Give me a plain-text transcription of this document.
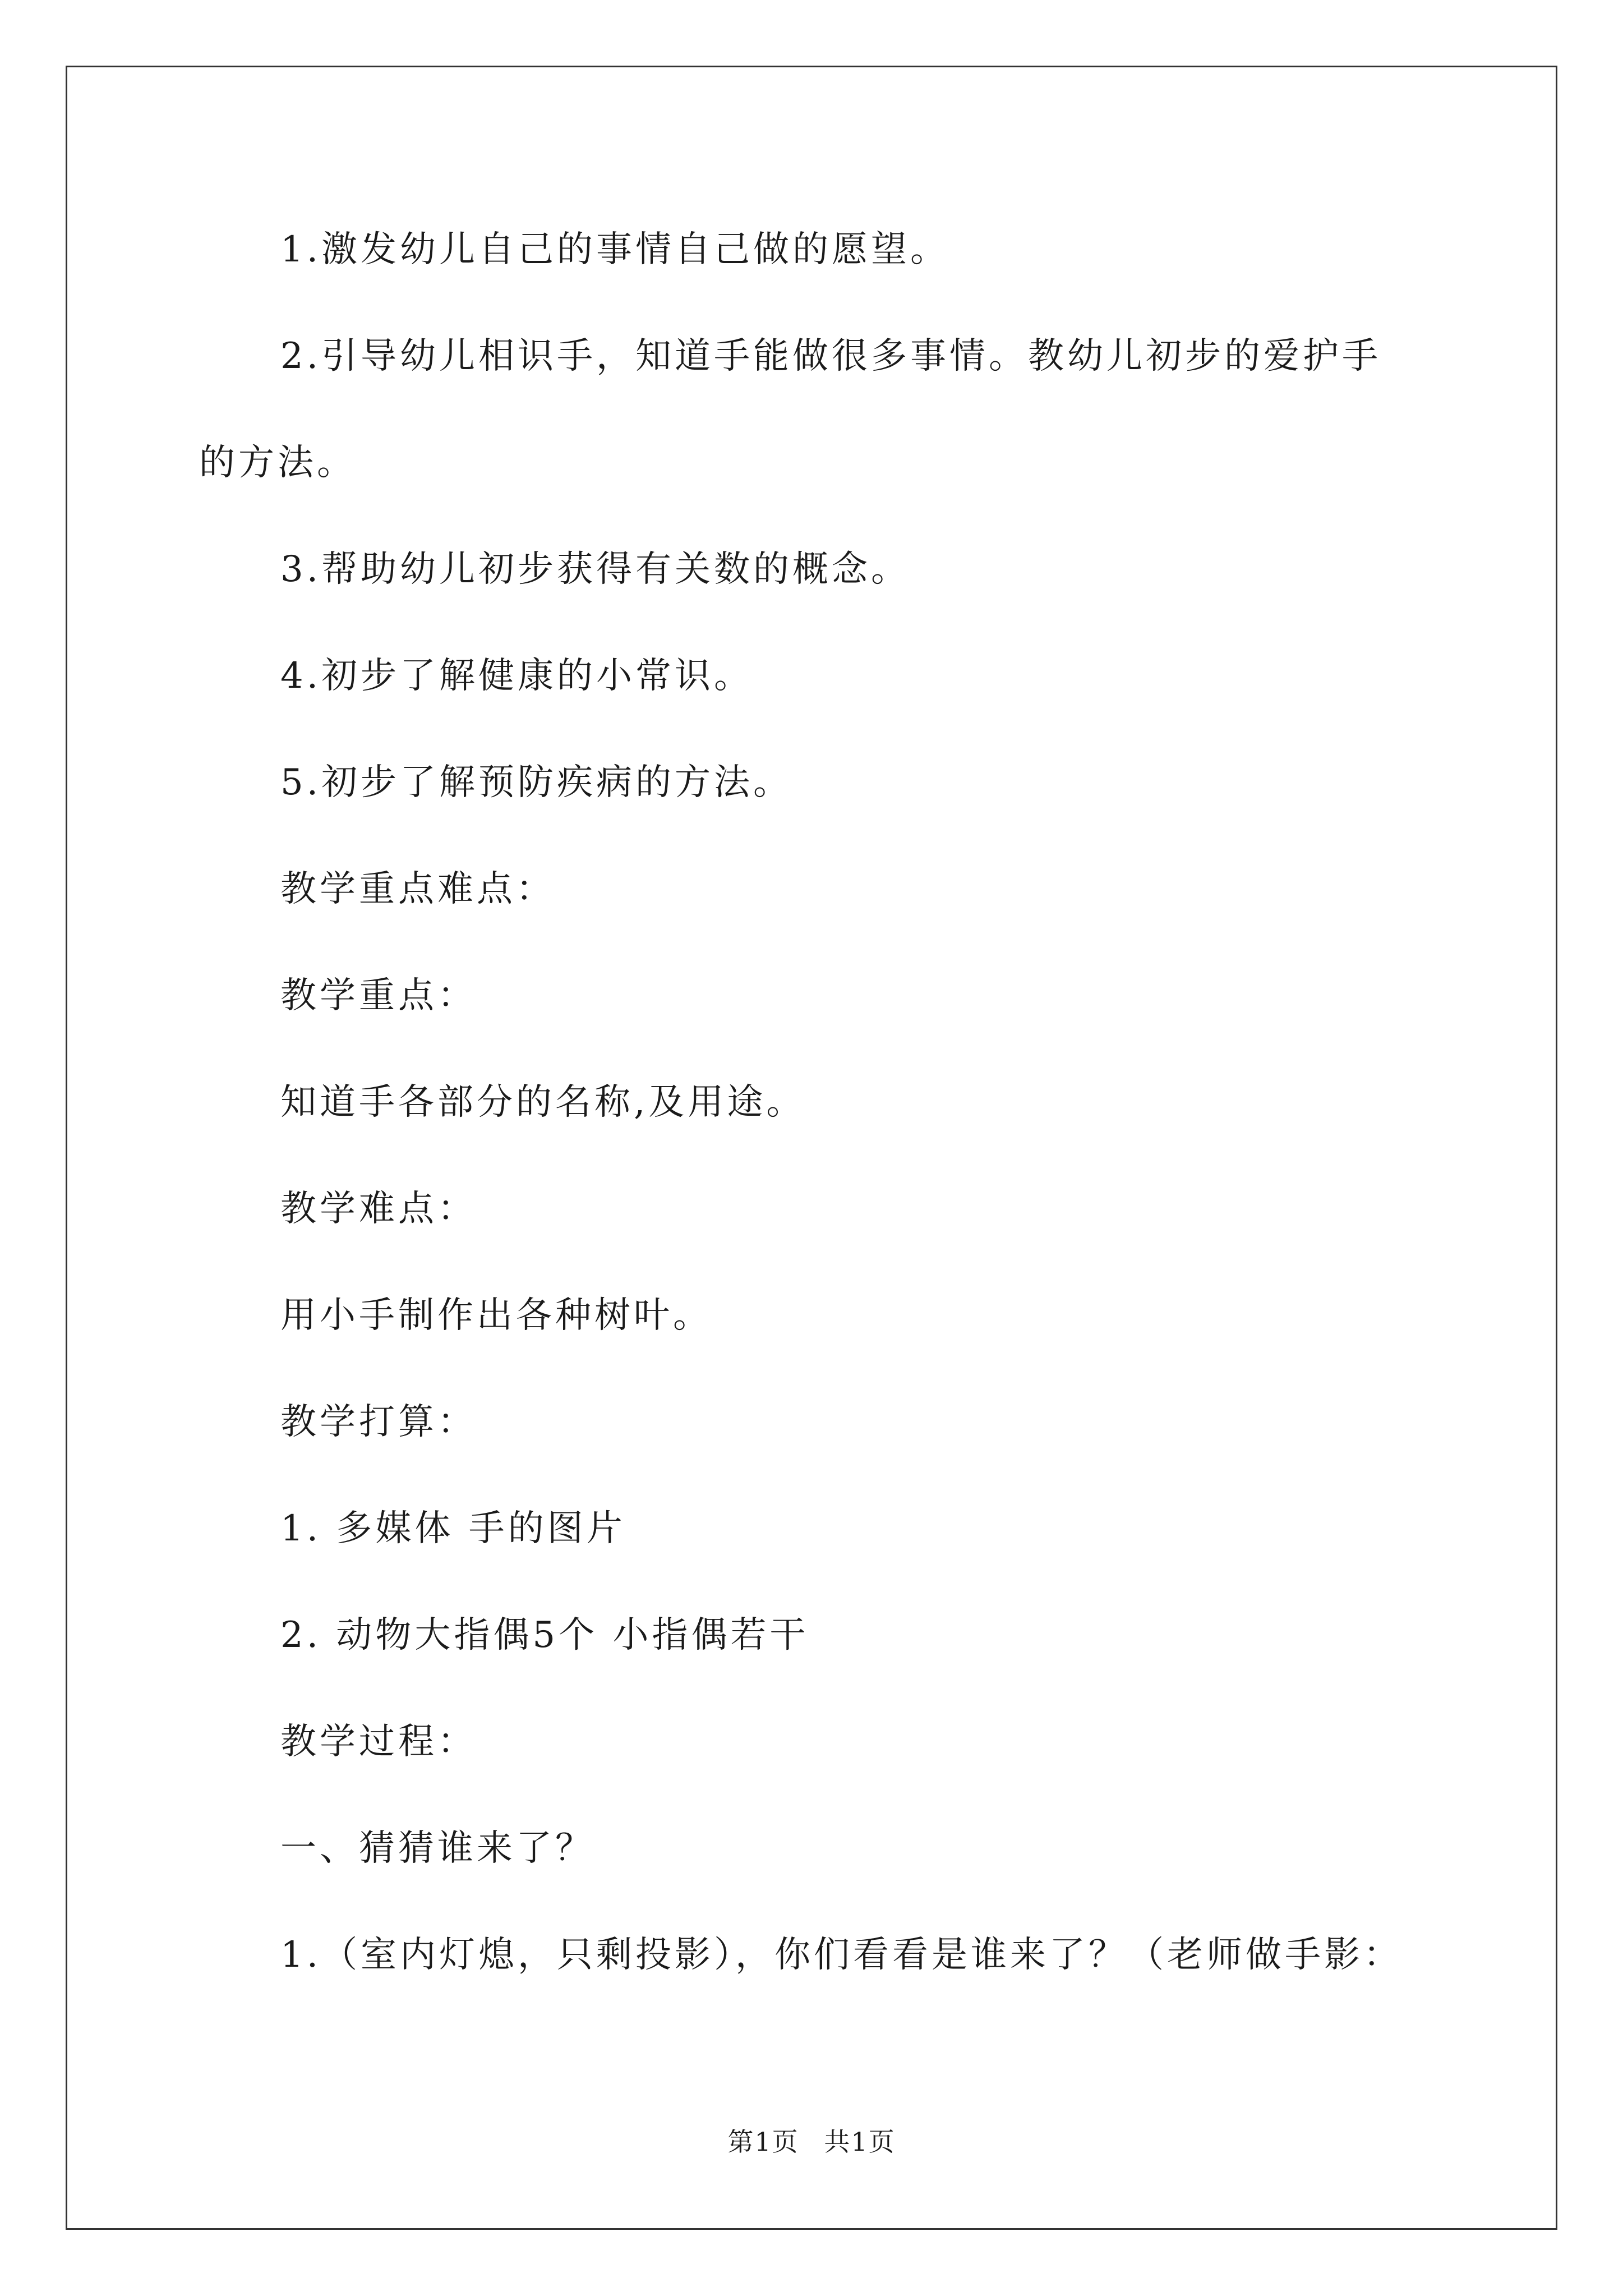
1.激发幼儿自己的事情自己做的愿望。
2.引导幼儿相识手，知道手能做很多事情。教幼儿初步的爱护手
的方法。
3.帮助幼儿初步获得有关数的概念。
4.初步了解健康的小常识。
5.初步了解预防疾病的方法。
教学重点难点：
教学重点：
知道手各部分的名称,及用途。
教学难点：
用小手制作出各种树叶。
教学打算：
1. 多媒体 手的图片
2. 动物大指偶5个 小指偶若干
教学过程：
一、猜猜谁来了？
1.（室内灯熄，只剩投影），你们看看是谁来了？（老师做手影：
第1页 共1页
